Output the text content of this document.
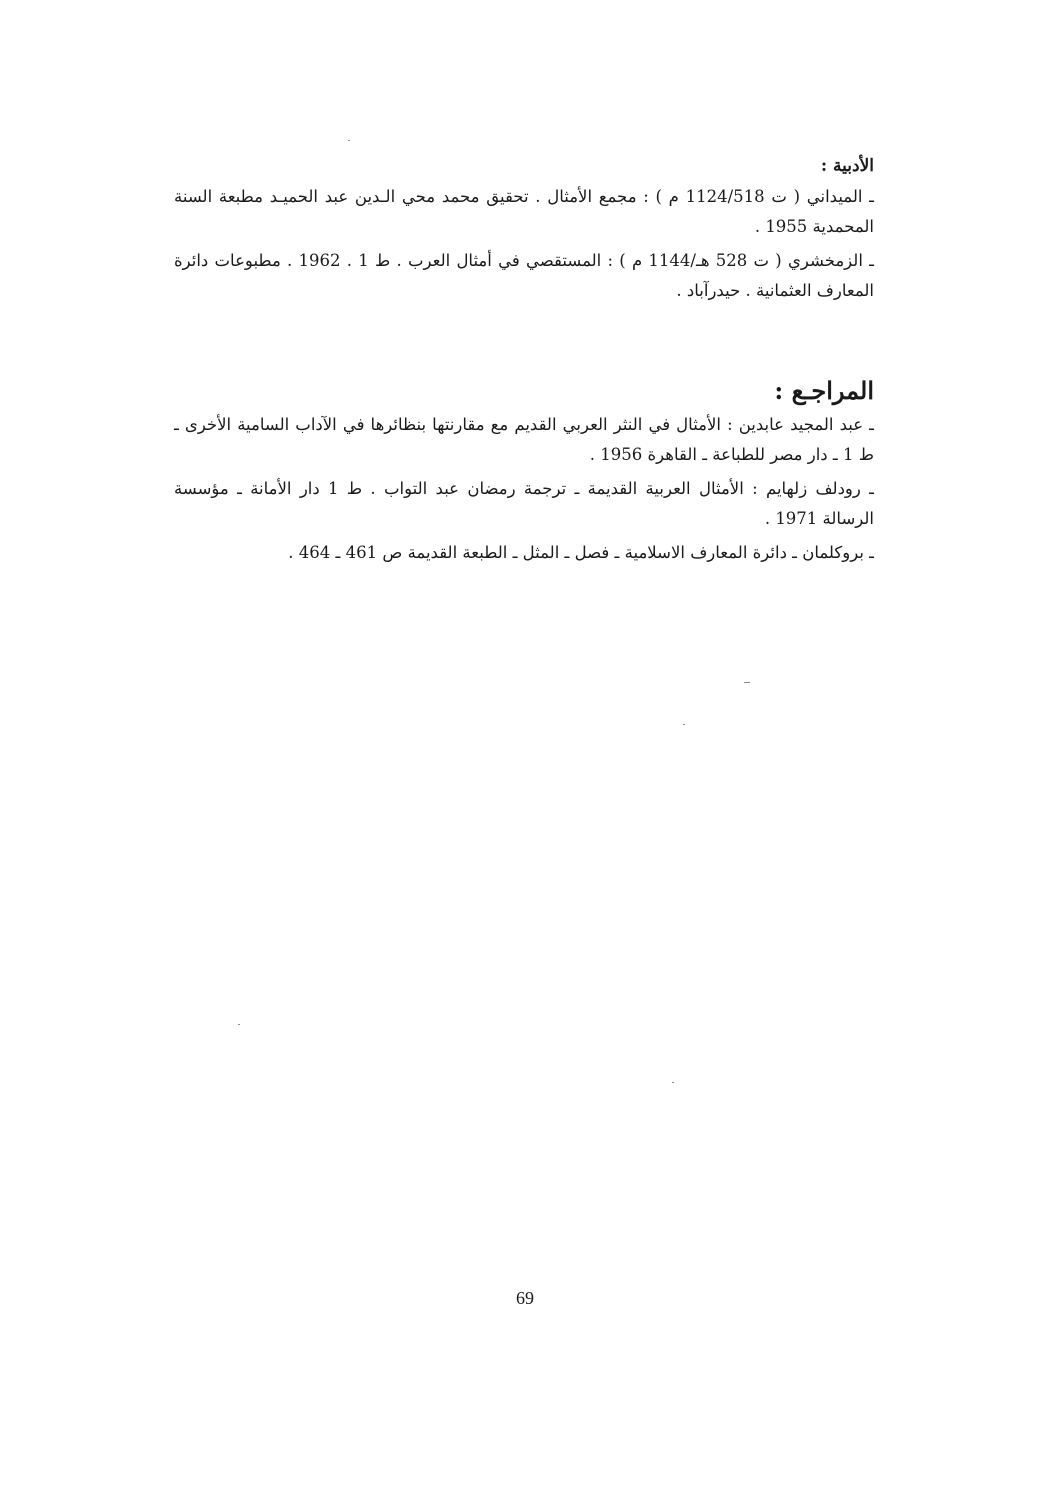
الأدبية :

ـ الميداني ( ت 1124/518 م ) : مجمع الأمثال . تحقيق محمد محي الـدين عبد الحميـد مطبعة السنة المحمدية 1955 .

ـ الزمخشري ( ت 528 هـ/1144 م ) : المستقصي في أمثال العرب . ط 1 . 1962 . مطبوعات دائرة المعارف العثمانية . حيدرآباد .

المراجـع :

ـ عبد المجيد عابدين : الأمثال في النثر العربي القديم مع مقارنتها بنظائرها في الآداب السامية الأخرى ـ ط 1 ـ دار مصر للطباعة ـ القاهرة 1956 .

ـ رودلف زلهايم : الأمثال العربية القديمة ـ ترجمة رمضان عبد التواب . ط 1 دار الأمانة ـ مؤسسة الرسالة 1971 .

ـ بروكلمان ـ دائرة المعارف الاسلامية ـ فصل ـ المثل ـ الطبعة القديمة ص 461 ـ 464 .

69
